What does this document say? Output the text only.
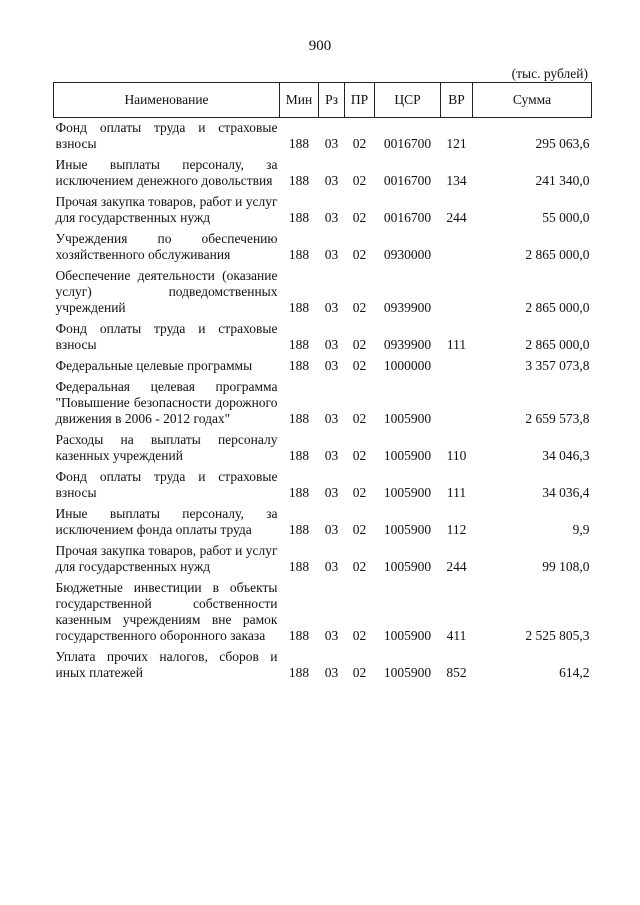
900
(тыс. рублей)
Наименование	Мин	Рз	ПР	ЦСР	ВР	Сумма
Фонд оплаты труда и страховые взносы	188	03	02	0016700	121	295 063,6
Иные выплаты персоналу, за исключением денежного довольствия	188	03	02	0016700	134	241 340,0
Прочая закупка товаров, работ и услуг для государственных нужд	188	03	02	0016700	244	55 000,0
Учреждения по обеспечению хозяйственного обслуживания	188	03	02	0930000		2 865 000,0
Обеспечение деятельности (оказание услуг) подведомственных учреждений	188	03	02	0939900		2 865 000,0
Фонд оплаты труда и страховые взносы	188	03	02	0939900	111	2 865 000,0
Федеральные целевые программы	188	03	02	1000000		3 357 073,8
Федеральная целевая программа "Повышение безопасности дорожного движения в 2006 - 2012 годах"	188	03	02	1005900		2 659 573,8
Расходы на выплаты персоналу казенных учреждений	188	03	02	1005900	110	34 046,3
Фонд оплаты труда и страховые взносы	188	03	02	1005900	111	34 036,4
Иные выплаты персоналу, за исключением фонда оплаты труда	188	03	02	1005900	112	9,9
Прочая закупка товаров, работ и услуг для государственных нужд	188	03	02	1005900	244	99 108,0
Бюджетные инвестиции в объекты государственной собственности казенным учреждениям вне рамок государственного оборонного заказа	188	03	02	1005900	411	2 525 805,3
Уплата прочих налогов, сборов и иных платежей	188	03	02	1005900	852	614,2
